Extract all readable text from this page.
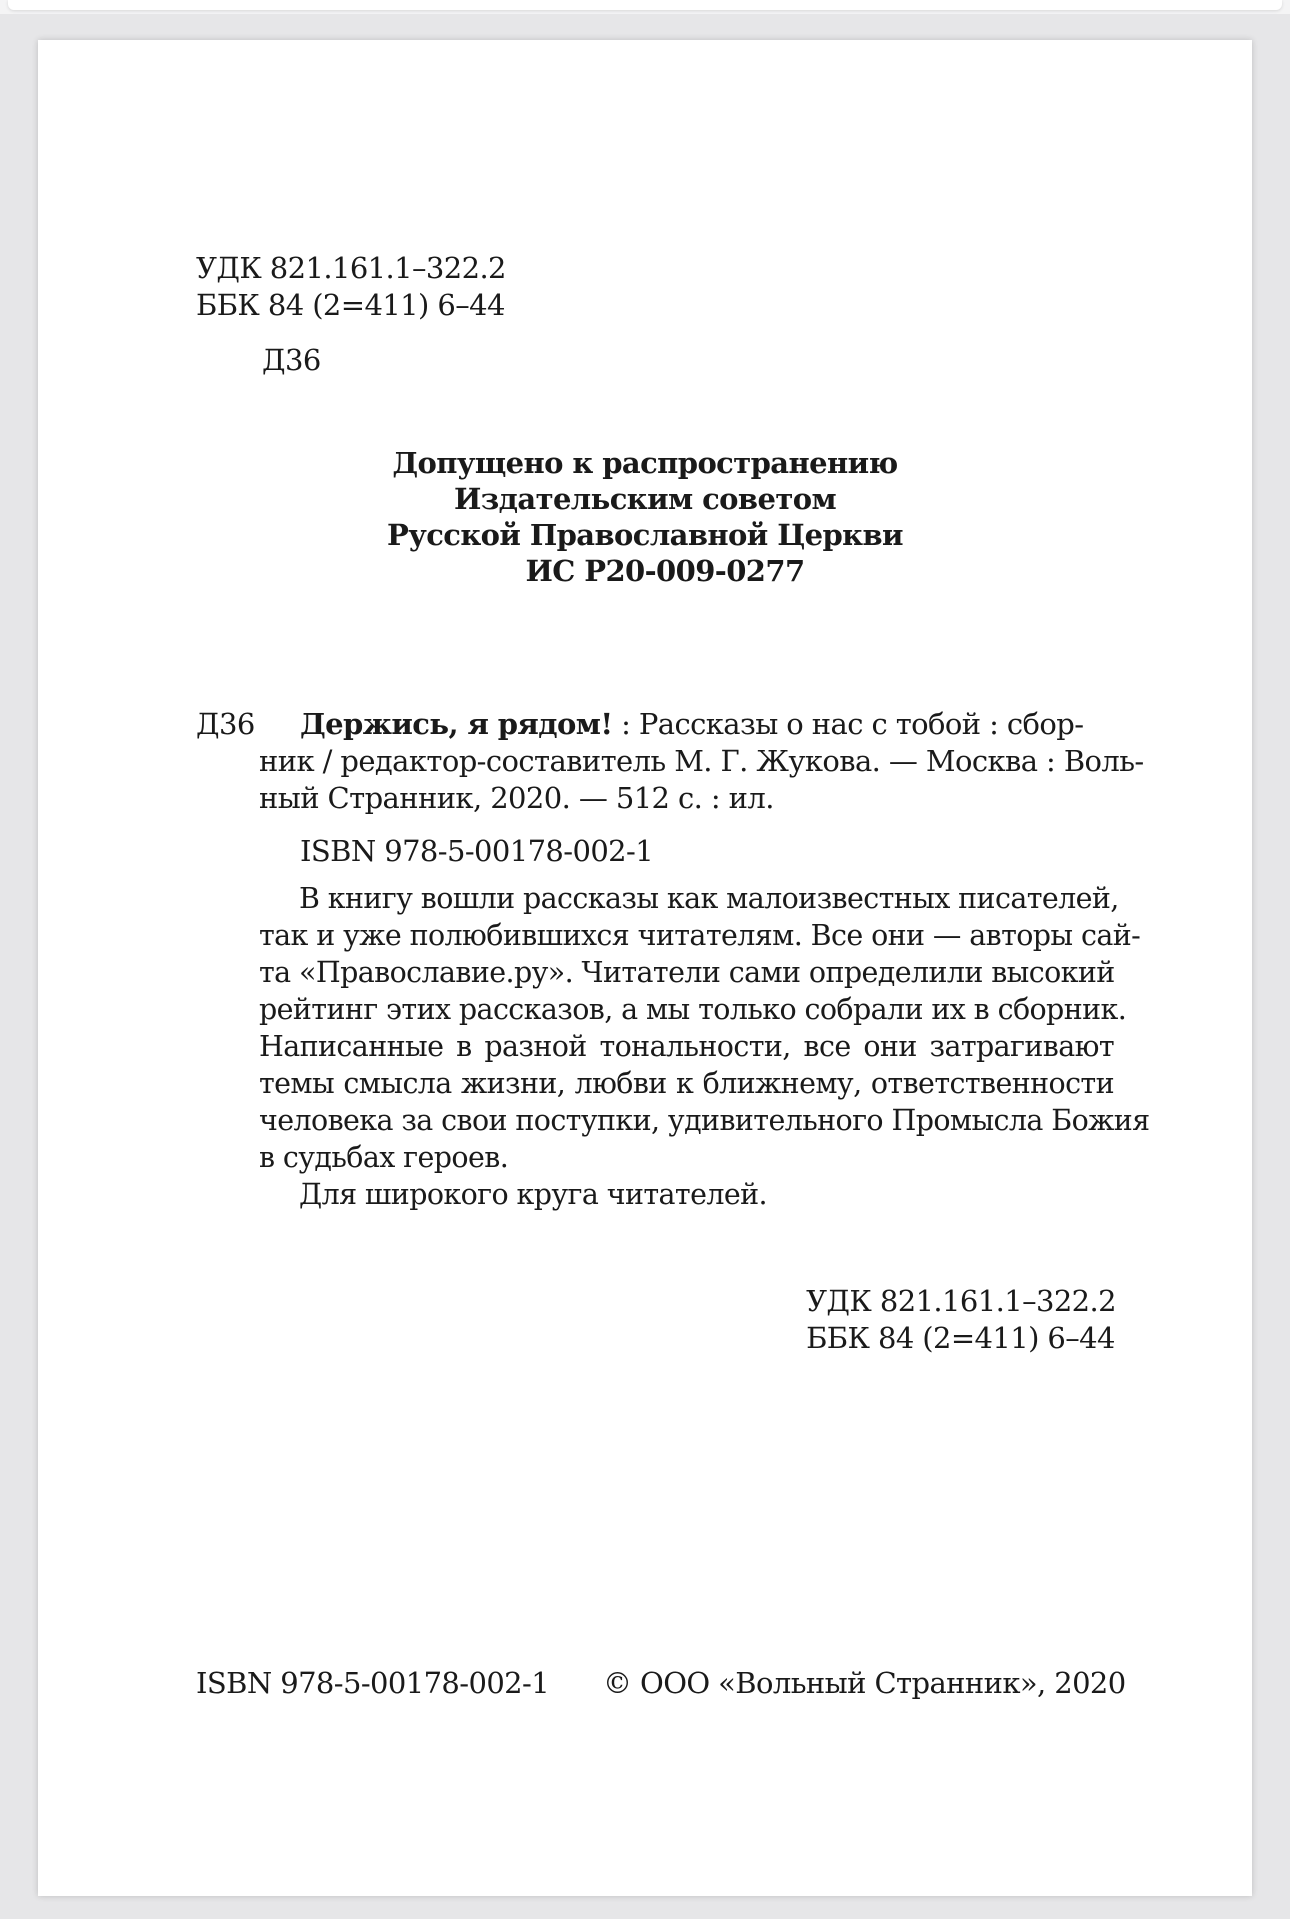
УДК 821.161.1–322.2
ББК 84 (2=411) 6–44
Д36
Допущено к распространению
Издательским советом
Русской Православной Церкви
ИС Р20-009-0277
Д36 Держись, я рядом! : Рассказы о нас с тобой : сбор-
ник / редактор-составитель М. Г. Жукова. — Москва : Воль-
ный Странник, 2020. — 512 с. : ил.
ISBN 978-5-00178-002-1
В книгу вошли рассказы как малоизвестных писателей,
так и уже полюбившихся читателям. Все они — авторы сай-
та «Православие.ру». Читатели сами определили высокий
рейтинг этих рассказов, а мы только собрали их в сборник.
Написанные в разной тональности, все они затрагивают
темы смысла жизни, любви к ближнему, ответственности
человека за свои поступки, удивительного Промысла Божия
в судьбах героев.
Для широкого круга читателей.
УДК 821.161.1–322.2
ББК 84 (2=411) 6–44
ISBN 978-5-00178-002-1 © ООО «Вольный Странник», 2020
